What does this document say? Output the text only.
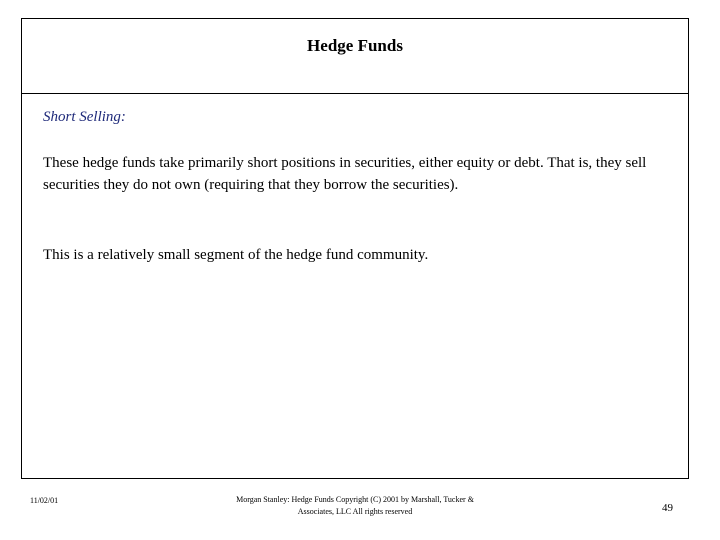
Hedge Funds
Short Selling:
These hedge funds take primarily short positions in securities, either equity or debt. That is, they sell securities they do not own (requiring that they borrow the securities).
This is a relatively small segment of the hedge fund community.
11/02/01	Morgan Stanley: Hedge Funds Copyright (C) 2001 by Marshall, Tucker & Associates, LLC All rights reserved	49
